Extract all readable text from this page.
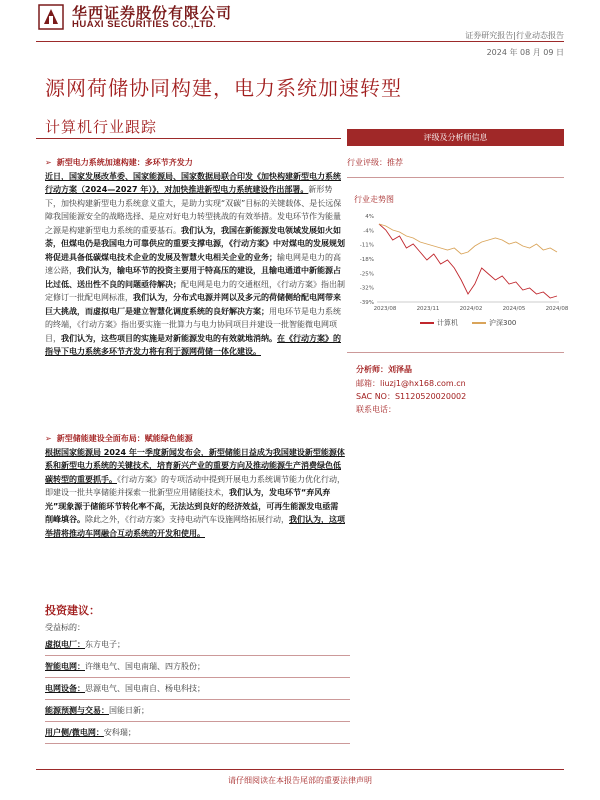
华西证券股份有限公司
HUAXI SECURITIES CO.,LTD.
证券研究报告|行业动态报告
2024 年 08 月 09 日
源网荷储协同构建，电力系统加速转型
计算机行业跟踪
评级及分析师信息
行业评级：推荐
行业走势图
4%
-4%
-11%
-18%
-25%
-32%
-39%
2023/08	2023/11	2024/02	2024/05	2024/08
计算机	沪深300
分析师：刘泽晶
邮箱：liuzj1@hx168.com.cn
SAC NO：S1120520020002
联系电话：
➢  新型电力系统加速构建：多环节齐发力
近日，国家发展改革委、国家能源局、国家数据局联合印发《加快构建新型电力系统行动方案（2024—2027 年）》，对加快推进新型电力系统建设作出部署。新形势下，加快构建新型电力系统意义重大，是助力实现“双碳”目标的关键载体、是长远保障我国能源安全的战略选择、是应对好电力转型挑战的有效举措。发电环节作为能量之源是构建新型电力系统的重要基石。我们认为，我国在新能源发电领域发展如火如荼，但煤电仍是我国电力可靠供应的重要支撑电源，《行动方案》中对煤电的发展规划将促进具备低碳煤电技术企业的发展及智慧火电相关企业的业务；输电网是电力的高速公路，我们认为，输电环节的投资主要用于特高压的建设，且输电通道中新能源占比过低、送出性不良的问题亟待解决；配电网是电力的交通枢纽，《行动方案》指出制定修订一批配电网标准，我们认为，分布式电源并网以及多元的荷储侧给配电网带来巨大挑战，而虚拟电厂是建立智慧化调度系统的良好解决方案；用电环节是电力系统的终端，《行动方案》指出要实施一批算力与电力协同项目并建设一批智能微电网项目，我们认为，这些项目的实施是对新能源发电的有效就地消纳。在《行动方案》的指导下电力系统多环节齐发力将有利于源网荷储一体化建设。
➢  新型储能建设全面布局：赋能绿色能源
根据国家能源局 2024 年一季度新闻发布会，新型储能日益成为我国建设新型能源体系和新型电力系统的关键技术，培育新兴产业的重要方向及推动能源生产消费绿色低碳转型的重要抓手。《行动方案》的专项活动中提到开展电力系统调节能力优化行动，即建设一批共享储能并探索一批新型应用储能技术，我们认为，发电环节“弃风弃光”现象源于储能环节转化率不高，无法达到良好的经济效益，可再生能源发电亟需削峰填谷。除此之外，《行动方案》支持电动汽车设施网络拓展行动，我们认为，这项举措将推动车网融合互动系统的开发和使用。
投资建议：
受益标的：
虚拟电厂：东方电子；
智能电网：许继电气、国电南瑞、四方股份；
电网设备：思源电气、国电南自、杨电科技；
能源预测与交易：国能日新；
用户侧/微电网：安科瑞；
请仔细阅读在本报告尾部的重要法律声明
